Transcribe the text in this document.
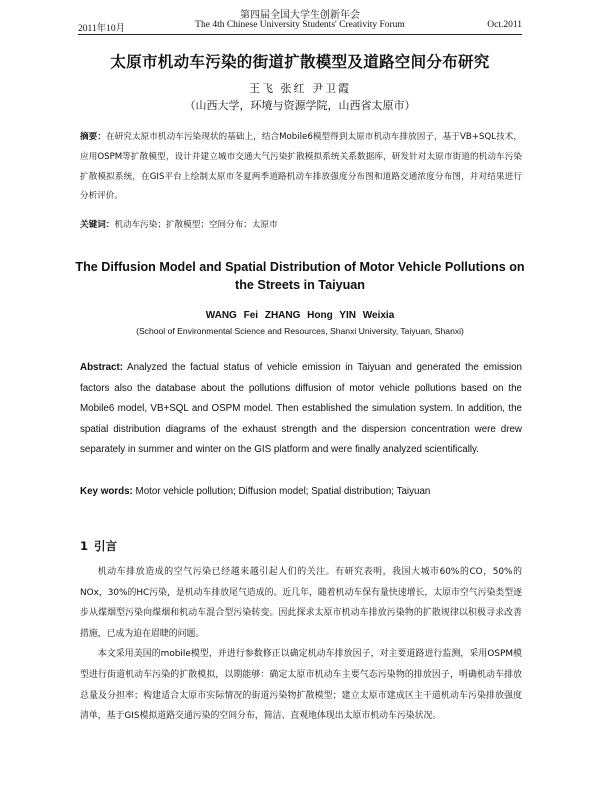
第四届全国大学生创新年会
2011年10月	The 4th Chinese University Students' Creativity Forum	Oct.2011
太原市机动车污染的街道扩散模型及道路空间分布研究
王飞 张红 尹卫霞
（山西大学，环境与资源学院，山西省太原市）
摘要：在研究太原市机动车污染现状的基础上，结合Mobile6模型得到太原市机动车排放因子，基于VB+SQL技术，应用OSPM等扩散模型，设计并建立城市交通大气污染扩散模拟系统关系数据库，研发针对太原市街道的机动车污染扩散模拟系统，在GIS平台上绘制太原市冬夏两季道路机动车排放强度分布图和道路交通浓度分布图，并对结果进行分析评价。
关键词：机动车污染；扩散模型；空间分布；太原市
The Diffusion Model and Spatial Distribution of Motor Vehicle Pollutions on the Streets in Taiyuan
WANG Fei ZHANG Hong YIN Weixia
(School of Environmental Science and Resources, Shanxi University, Taiyuan, Shanxi)
Abstract: Analyzed the factual status of vehicle emission in Taiyuan and generated the emission factors also the database about the pollutions diffusion of motor vehicle pollutions based on the Mobile6 model, VB+SQL and OSPM model. Then established the simulation system. In addition, the spatial distribution diagrams of the exhaust strength and the dispersion concentration were drew separately in summer and winter on the GIS platform and were finally analyzed scientifically.
Key words: Motor vehicle pollution; Diffusion model; Spatial distribution; Taiyuan
1 引言

机动车排放造成的空气污染已经越来越引起人们的关注。有研究表明，我国大城市60%的CO，50%的NOx，30%的HC污染，是机动车排放尾气造成的。近几年，随着机动车保有量快速增长，太原市空气污染类型逐步从煤烟型污染向煤烟和机动车混合型污染转变。因此探求太原市机动车排放污染物的扩散规律以积极寻求改善措施，已成为迫在眉睫的问题。

本文采用美国的mobile模型，并进行参数修正以确定机动车排放因子，对主要道路进行监测，采用OSPM模型进行街道机动车污染的扩散模拟，以期能够：确定太原市机动车主要气态污染物的排放因子，明确机动车排放总量及分担率；构建适合太原市实际情况的街道污染物扩散模型；建立太原市建成区主干道机动车污染排放强度清单，基于GIS模拟道路交通污染的空间分布，简洁、直观地体现出太原市机动车污染状况。
